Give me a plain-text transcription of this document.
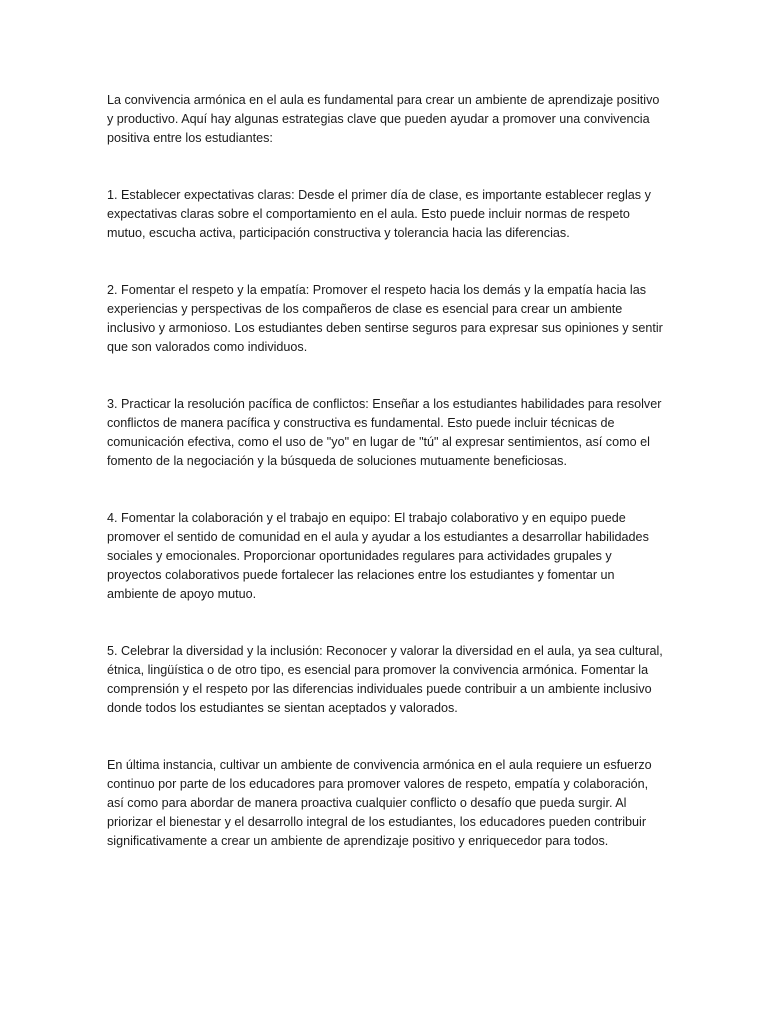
La convivencia armónica en el aula es fundamental para crear un ambiente de aprendizaje positivo
y productivo. Aquí hay algunas estrategias clave que pueden ayudar a promover una convivencia
positiva entre los estudiantes:

1. Establecer expectativas claras: Desde el primer día de clase, es importante establecer reglas y
expectativas claras sobre el comportamiento en el aula. Esto puede incluir normas de respeto
mutuo, escucha activa, participación constructiva y tolerancia hacia las diferencias.

2. Fomentar el respeto y la empatía: Promover el respeto hacia los demás y la empatía hacia las
experiencias y perspectivas de los compañeros de clase es esencial para crear un ambiente
inclusivo y armonioso. Los estudiantes deben sentirse seguros para expresar sus opiniones y sentir
que son valorados como individuos.

3. Practicar la resolución pacífica de conflictos: Enseñar a los estudiantes habilidades para resolver
conflictos de manera pacífica y constructiva es fundamental. Esto puede incluir técnicas de
comunicación efectiva, como el uso de "yo" en lugar de "tú" al expresar sentimientos, así como el
fomento de la negociación y la búsqueda de soluciones mutuamente beneficiosas.

4. Fomentar la colaboración y el trabajo en equipo: El trabajo colaborativo y en equipo puede
promover el sentido de comunidad en el aula y ayudar a los estudiantes a desarrollar habilidades
sociales y emocionales. Proporcionar oportunidades regulares para actividades grupales y
proyectos colaborativos puede fortalecer las relaciones entre los estudiantes y fomentar un
ambiente de apoyo mutuo.

5. Celebrar la diversidad y la inclusión: Reconocer y valorar la diversidad en el aula, ya sea cultural,
étnica, lingüística o de otro tipo, es esencial para promover la convivencia armónica. Fomentar la
comprensión y el respeto por las diferencias individuales puede contribuir a un ambiente inclusivo
donde todos los estudiantes se sientan aceptados y valorados.

En última instancia, cultivar un ambiente de convivencia armónica en el aula requiere un esfuerzo
continuo por parte de los educadores para promover valores de respeto, empatía y colaboración,
así como para abordar de manera proactiva cualquier conflicto o desafío que pueda surgir. Al
priorizar el bienestar y el desarrollo integral de los estudiantes, los educadores pueden contribuir
significativamente a crear un ambiente de aprendizaje positivo y enriquecedor para todos.
